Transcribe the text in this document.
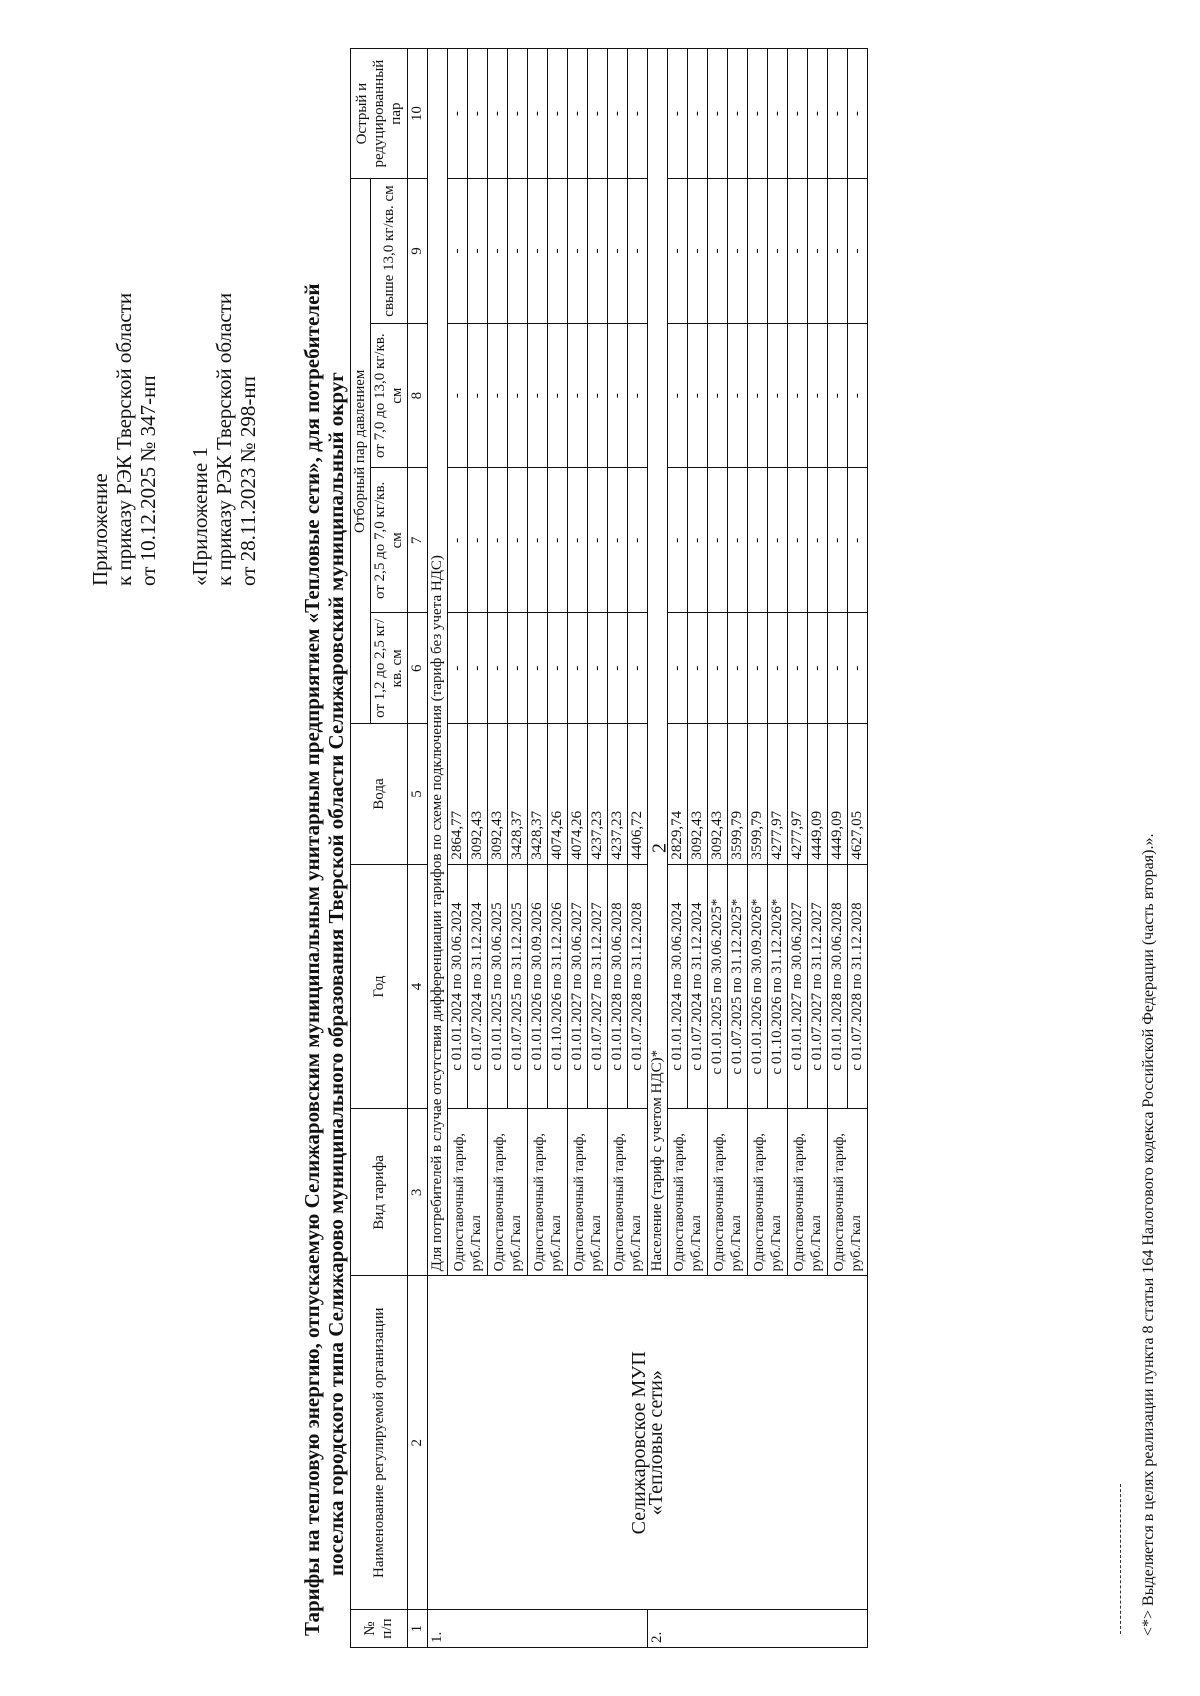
2
Приложение к приказу РЭК Тверской области от 10.12.2025 № 347-нп «Приложение 1 к приказу РЭК Тверской области от 28.11.2023 № 298-нп Тарифы на тепловую энергию, отпускаемую Селижаровским муниципальным унитарным предприятием «Тепловые сети», для потребителей поселка городского типа Селижарово муниципального образования Тверской области Селижаровский муниципальный округ
№ п/п	Наименование регулируемой организации	Вид тарифа	Год	Вода	Отборный пар давлением				Острый и редуцированный пар
					от 1,2 до 2,5 кг/кв. см	от 2,5 до 7,0 кг/кв. см	от 7,0 до 13,0 кг/кв. см	свыше 13,0 кг/кв. см	
1	2	3	4	5	6	7	8	9	10
1.	Селижаровское МУП «Тепловые сети»	Для потребителей в случае отсутствия дифференциации тарифов по схеме подключения (тариф без учета НДС)							
		Одноставочный тариф, руб./Гкал	с 01.01.2024 по 30.06.2024	2864,77	-	-	-	-	-
			с 01.07.2024 по 31.12.2024	3092,43	-	-	-	-	-
		Одноставочный тариф, руб./Гкал	с 01.01.2025 по 30.06.2025	3092,43	-	-	-	-	-
			с 01.07.2025 по 31.12.2025	3428,37	-	-	-	-	-
		Одноставочный тариф, руб./Гкал	с 01.01.2026 по 30.09.2026	3428,37	-	-	-	-	-
			с 01.10.2026 по 31.12.2026	4074,26	-	-	-	-	-
		Одноставочный тариф, руб./Гкал	с 01.01.2027 по 30.06.2027	4074,26	-	-	-	-	-
			с 01.07.2027 по 31.12.2027	4237,23	-	-	-	-	-
		Одноставочный тариф, руб./Гкал	с 01.01.2028 по 30.06.2028	4237,23	-	-	-	-	-
			с 01.07.2028 по 31.12.2028	4406,72	-	-	-	-	-
2.		Население (тариф с учетом НДС)*							
		Одноставочный тариф, руб./Гкал	с 01.01.2024 по 30.06.2024	2829,74	-	-	-	-	-
			с 01.07.2024 по 31.12.2024	3092,43	-	-	-	-	-
		Одноставочный тариф, руб./Гкал	с 01.01.2025 по 30.06.2025*	3092,43	-	-	-	-	-
			с 01.07.2025 по 31.12.2025*	3599,79	-	-	-	-	-
		Одноставочный тариф, руб./Гкал	с 01.01.2026 по 30.09.2026*	3599,79	-	-	-	-	-
			с 01.10.2026 по 31.12.2026*	4277,97	-	-	-	-	-
		Одноставочный тариф, руб./Гкал	с 01.01.2027 по 30.06.2027	4277,97	-	-	-	-	-
			с 01.07.2027 по 31.12.2027	4449,09	-	-	-	-	-
		Одноставочный тариф, руб./Гкал	с 01.01.2028 по 30.06.2028	4449,09	-	-	-	-	-
			с 01.07.2028 по 31.12.2028	4627,05	-	-	-	-	-
<*> Выделяется в целях реализации пункта 8 статьи 164 Налогового кодекса Российской Федерации (часть вторая).».
